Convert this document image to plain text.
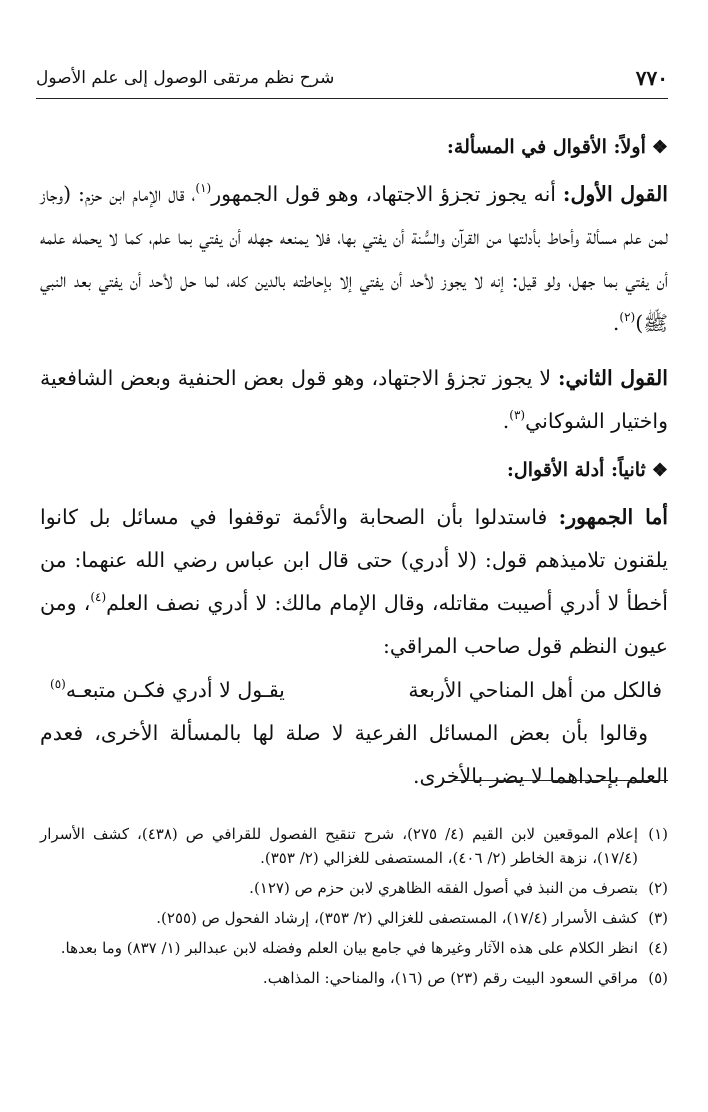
٧٧٠
شرح نظم مرتقى الوصول إلى علم الأصول
❖أولاً: الأقوال في المسألة:

القول الأول: أنه يجوز تجزؤ الاجتهاد، وهو قول الجمهور$^{(١)}$، قال الإمام ابن حزم: (وجاز لمن علم مسألة وأحاط بأدلتها من القرآن والسُّنة أن يفتي بها، فلا يمنعه جهله أن يفتي بما علم، كما لا يحمله علمه أن يفتي بما جهل، ولو قيل: إنه لا يجوز لأحد أن يفتي إلا بإحاطته بالدين كله، لما حل لأحد أن يفتي بعد النبي ﷺ)$^{(٢)}$.

القول الثاني: لا يجوز تجزؤ الاجتهاد، وهو قول بعض الحنفية وبعض الشافعية واختيار الشوكاني$^{(٣)}$.

❖ثانياً: أدلة الأقوال:

أما الجمهور: فاستدلوا بأن الصحابة والأئمة توقفوا في مسائل بل كانوا يلقنون تلاميذهم قول: (لا أدري) حتى قال ابن عباس رضي الله عنهما: من أخطأ لا أدري أصيبت مقاتله، وقال الإمام مالك: لا أدري نصف العلم$^{(٤)}$، ومن عيون النظم قول صاحب المراقي:

فالكل من أهل المناحي الأربعة
يقـول لا أدري فكـن متبعـه$^{(٥)}$

وقالوا بأن بعض المسائل الفرعية لا صلة لها بالمسألة الأخرى، فعدم العلم بإحداهما لا يضر بالأخرى.

(١)
إعلام الموقعين لابن القيم (٤/ ٢٧٥)، شرح تنقيح الفصول للقرافي ص (٤٣٨)، كشف الأسرار (١٧/٤)، نزهة الخاطر (٢/ ٤٠٦)، المستصفى للغزالي (٢/ ٣٥٣).
(٢)
بتصرف من النبذ في أصول الفقه الظاهري لابن حزم ص (١٢٧).
(٣)
كشف الأسرار (١٧/٤)، المستصفى للغزالي (٢/ ٣٥٣)، إرشاد الفحول ص (٢٥٥).
(٤)
انظر الكلام على هذه الآثار وغيرها في جامع بيان العلم وفضله لابن عبدالبر (١/ ٨٣٧) وما بعدها.
(٥)
مراقي السعود البيت رقم (٢٣) ص (١٦)، والمناحي: المذاهب.
